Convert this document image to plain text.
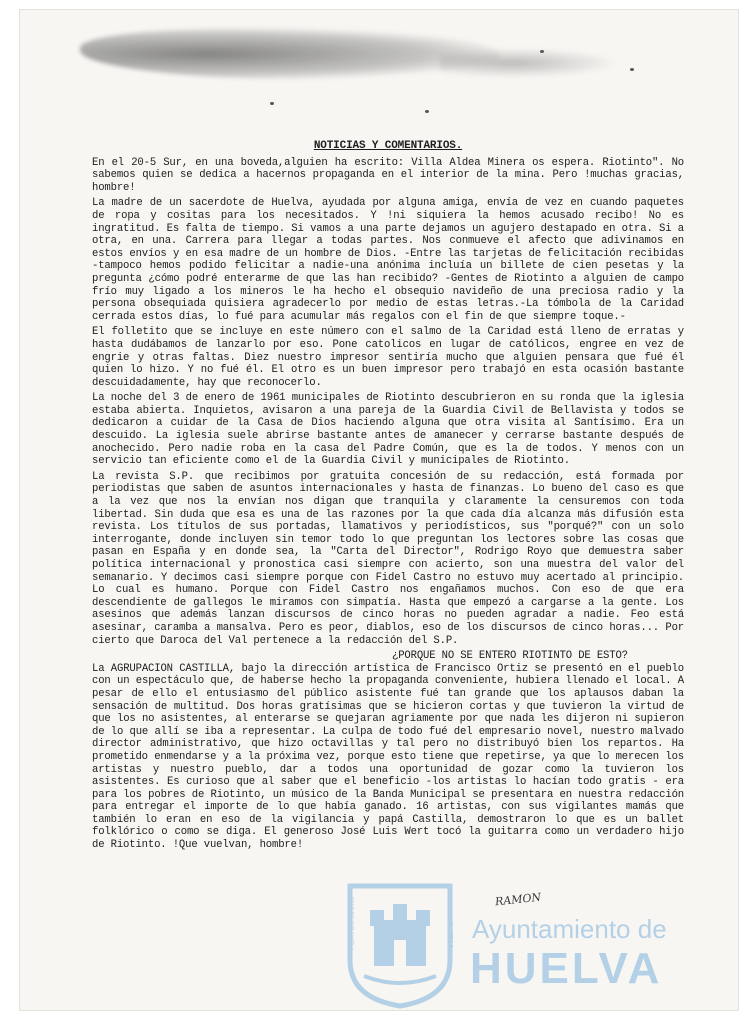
NOTICIAS Y COMENTARIOS.

En el 20-5 Sur, en una boveda,alguien ha escrito: Villa Aldea Minera os espera. Riotinto". No sabemos quien se dedica a hacernos propaganda en el interior de la mina. Pero !muchas gracias, hombre!

La madre de un sacerdote de Huelva, ayudada por alguna amiga, envía de vez en cuando paquetes de ropa y cositas para los necesitados. Y !ni siquiera la hemos acusado recibo! No es ingratitud. Es falta de tiempo. Si vamos a una parte dejamos un agujero destapado en otra. Si a otra, en una. Carrera para llegar a todas partes. Nos conmueve el afecto que adivinamos en estos envíos y en esa madre de un hombre de Dios. -Entre las tarjetas de felicitación recibidas -tampoco hemos podido felicitar a nadie-una anónima incluía un billete de cien pesetas y la pregunta ¿cómo podré enterarme de que las han recibido? -Gentes de Riotinto a alguien de campo frío muy ligado a los mineros le ha hecho el obsequio navideño de una preciosa radio y la persona obsequiada quisiera agradecerlo por medio de estas letras.-La tómbola de la Caridad cerrada estos días, lo fué para acumular más regalos con el fin de que siempre toque.-

El folletito que se incluye en este número con el salmo de la Caridad está lleno de erratas y hasta dudábamos de lanzarlo por eso. Pone catolicos en lugar de católicos, engree en vez de engrie y otras faltas. Diez nuestro impresor sentiría mucho que alguien pensara que fué él quien lo hizo. Y no fué él. El otro es un buen impresor pero trabajó en esta ocasión bastante descuidadamente, hay que reconocerlo.

La noche del 3 de enero de 1961 municipales de Riotinto descubrieron en su ronda que la iglesia estaba abierta. Inquietos, avisaron a una pareja de la Guardia Civil de Bellavista y todos se dedicaron a cuidar de la Casa de Dios haciendo alguna que otra visita al Santísimo. Era un descuido. La iglesia suele abrirse bastante antes de amanecer y cerrarse bastante después de anochecido. Pero nadie roba en la casa del Padre Común, que es la de todos. Y menos con un servicio tan eficiente como el de la Guardia Civil y municipales de Riotinto.

La revista S.P. que recibimos por gratuita concesión de su redacción, está formada por periodistas que saben de asuntos internacionales y hasta de finanzas. Lo bueno del caso es que a la vez que nos la envían nos digan que tranquila y claramente la censuremos con toda libertad. Sin duda que esa es una de las razones por la que cada día alcanza más difusión esta revista. Los títulos de sus portadas, llamativos y periodísticos, sus "porqué?" con un solo interrogante, donde incluyen sin temor todo lo que preguntan los lectores sobre las cosas que pasan en España y en donde sea, la "Carta del Director", Rodrigo Royo que demuestra saber política internacional y pronostica casi siempre con acierto, son una muestra del valor del semanario. Y decimos casi siempre porque con Fidel Castro no estuvo muy acertado al principio. Lo cual es humano. Porque con Fidel Castro nos engañamos muchos. Con eso de que era descendiente de gallegos le miramos con simpatía. Hasta que empezó a cargarse a la gente. Los asesinos que además lanzan discursos de cinco horas no pueden agradar a nadie. Feo está asesinar, caramba a mansalva. Pero es peor, diablos, eso de los discursos de cinco horas... Por cierto que Daroca del Val pertenece a la redacción del S.P.

¿PORQUE NO SE ENTERO RIOTINTO DE ESTO?

La AGRUPACION CASTILLA, bajo la dirección artística de Francisco Ortiz se presentó en el pueblo con un espectáculo que, de haberse hecho la propaganda conveniente, hubiera llenado el local. A pesar de ello el entusiasmo del público asistente fué tan grande que los aplausos daban la sensación de multitud. Dos horas gratísimas que se hicieron cortas y que tuvieron la virtud de que los no asistentes, al enterarse se quejaran agriamente por que nada les dijeron ni supieron de lo que allí se iba a representar. La culpa de todo fué del empresario novel, nuestro malvado director administrativo, que hizo octavillas y tal pero no distribuyó bien los repartos. Ha prometido enmendarse y a la próxima vez, porque esto tiene que repetirse, ya que lo merecen los artistas y nuestro pueblo, dar a todos una oportunidad de gozar como la tuvieron los asistentes. Es curioso que al saber que el beneficio -los artistas lo hacían todo gratis - era para los pobres de Riotinto, un músico de la Banda Municipal se presentara en nuestra redacción para entregar el importe de lo que había ganado. 16 artistas, con sus vigilantes mamás que también lo eran en eso de la vigilancia y papá Castilla, demostraron lo que es un ballet folklórico o como se diga. El generoso José Luis Wert tocó la guitarra como un verdadero hijo de Riotinto. !Que vuelvan, hombre!

RAMON
PORTUS MARIS	CUSTODIA Ayuntamiento de
HUELVA
